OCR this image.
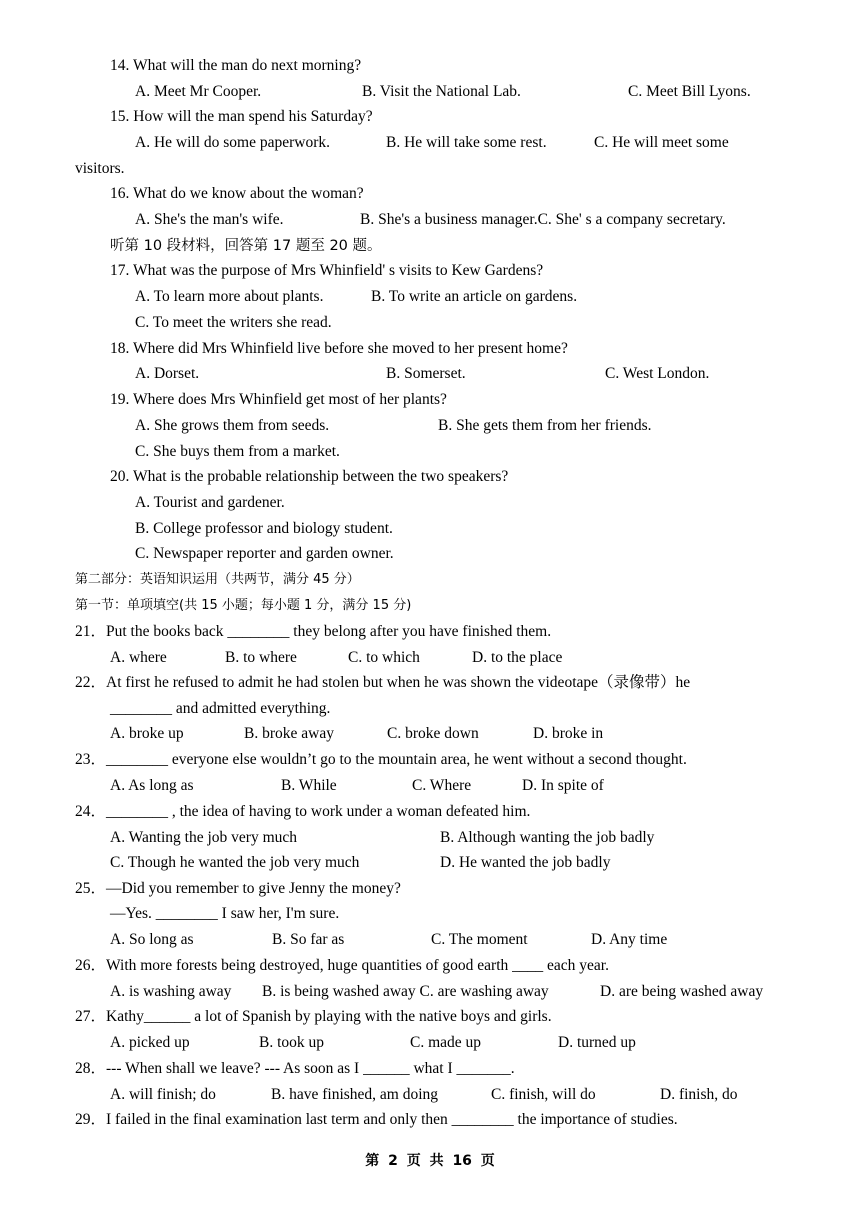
14. What will the man do next morning?
A. Meet Mr Cooper.	B. Visit the National Lab.	C. Meet Bill Lyons.
15. How will the man spend his Saturday?
A. He will do some paperwork.	B. He will take some rest.	C. He will meet some
visitors.
16. What do we know about the woman?
A. She's the man's wife.	B. She's a business manager.C. She' s a company secretary.
听第 10 段材料，回答第 17 题至 20 题。
17. What was the purpose of Mrs Whinfield' s visits to Kew Gardens?
A. To learn more about plants.	B. To write an article on gardens.
C. To meet the writers she read.
18. Where did Mrs Whinfield live before she moved to her present home?
A. Dorset.	B. Somerset.	C. West London.
19. Where does Mrs Whinfield get most of her plants?
A. She grows them from seeds.	B. She gets them from her friends.
C. She buys them from a market.
20. What is the probable relationship between the two speakers?
A. Tourist and gardener.
B. College professor and biology student.
C. Newspaper reporter and garden owner.
第二部分：英语知识运用（共两节，满分 45 分）
第一节：单项填空(共 15 小题；每小题 1 分，满分 15 分)
21．Put the books back ________ they belong after you have finished them.
A. where	B. to where	C. to which	D. to the place
22．At first he refused to admit he had stolen but when he was shown the videotape（录像带）he
________ and admitted everything.
A. broke up	B. broke away	C. broke down	D. broke in
23．________ everyone else wouldn’t go to the mountain area, he went without a second thought.
A. As long as	B. While	C. Where	D. In spite of
24．________ , the idea of having to work under a woman defeated him.
A. Wanting the job very much	B. Although wanting the job badly
C. Though he wanted the job very much	D. He wanted the job badly
25．—Did you remember to give Jenny the money?
—Yes. ________ I saw her, I'm sure.
A. So long as	B. So far as	C. The moment	D. Any time
26．With more forests being destroyed, huge quantities of good earth ____ each year.
A. is washing away B. is being washed away C. are washing away	D. are being washed away
27．Kathy______ a lot of Spanish by playing with the native boys and girls.
A. picked up	B. took up	C. made up	D. turned up
28．--- When shall we leave? --- As soon as I ______ what I _______.
A. will finish; do	B. have finished, am doing	C. finish, will do	D. finish, do
29．I failed in the final examination last term and only then ________ the importance of studies.
第 2 页 共 16 页
